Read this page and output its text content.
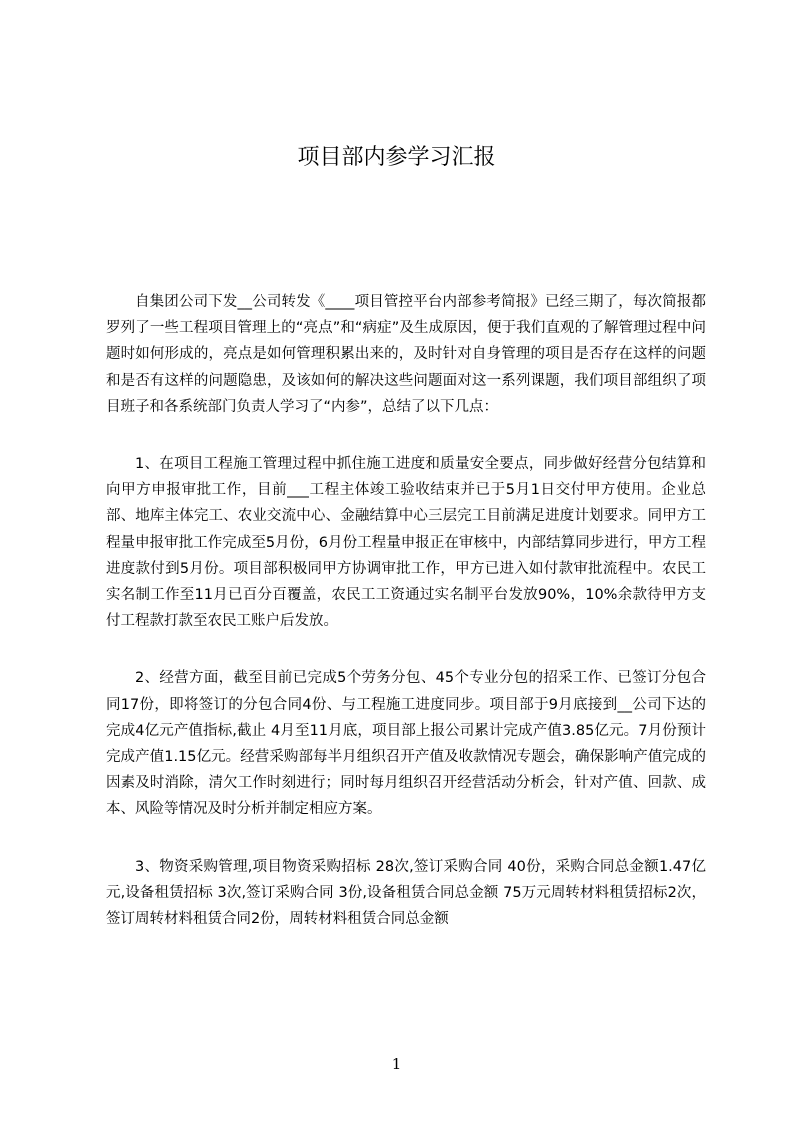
项目部内参学习汇报

自集团公司下发__公司转发《____项目管控平台内部参考简报》已经三期了，每次简报都罗列了一些工程项目管理上的“亮点”和“病症”及生成原因，便于我们直观的了解管理过程中问题时如何形成的，亮点是如何管理积累出来的，及时针对自身管理的项目是否存在这样的问题和是否有这样的问题隐患，及该如何的解决这些问题面对这一系列课题，我们项目部组织了项目班子和各系统部门负责人学习了“内参”，总结了以下几点：

1、在项目工程施工管理过程中抓住施工进度和质量安全要点，同步做好经营分包结算和向甲方申报审批工作，目前___工程主体竣工验收结束并已于5月1日交付甲方使用。企业总部、地库主体完工、农业交流中心、金融结算中心三层完工目前满足进度计划要求。同甲方工程量申报审批工作完成至5月份，6月份工程量申报正在审核中，内部结算同步进行，甲方工程进度款付到5月份。项目部积极同甲方协调审批工作，甲方已进入如付款审批流程中。农民工实名制工作至11月已百分百覆盖，农民工工资通过实名制平台发放90%，10%余款待甲方支付工程款打款至农民工账户后发放。

2、经营方面，截至目前已完成5个劳务分包、45个专业分包的招采工作、已签订分包合同17份，即将签订的分包合同4份、与工程施工进度同步。项目部于9月底接到__公司下达的完成4亿元产值指标,截止 4月至11月底，项目部上报公司累计完成产值3.85亿元。7月份预计完成产值1.15亿元。经营采购部每半月组织召开产值及收款情况专题会，确保影响产值完成的因素及时消除，清欠工作时刻进行；同时每月组织召开经营活动分析会，针对产值、回款、成本、风险等情况及时分析并制定相应方案。

3、物资采购管理,项目物资采购招标 28次,签订采购合同 40份，采购合同总金额1.47亿元,设备租赁招标 3次,签订采购合同 3份,设备租赁合同总金额 75万元周转材料租赁招标2次，签订周转材料租赁合同2份，周转材料租赁合同总金额

1
